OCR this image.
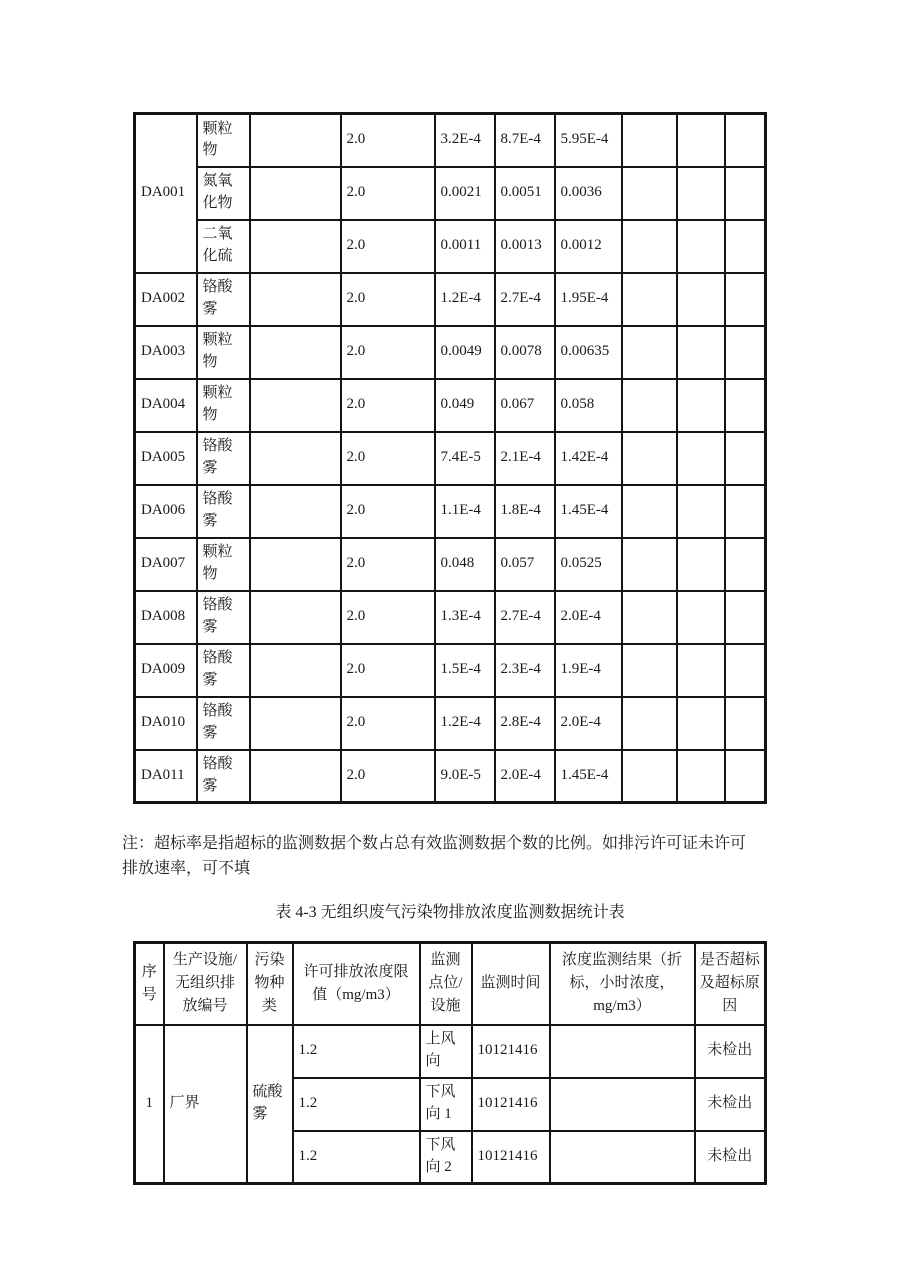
DA001	颗粒物		2.0	3.2E-4	8.7E-4	5.95E-4			
	氮氧化物		2.0	0.0021	0.0051	0.0036			
	二氧化硫		2.0	0.0011	0.0013	0.0012			
DA002	铬酸雾		2.0	1.2E-4	2.7E-4	1.95E-4			
DA003	颗粒物		2.0	0.0049	0.0078	0.00635			
DA004	颗粒物		2.0	0.049	0.067	0.058			
DA005	铬酸雾		2.0	7.4E-5	2.1E-4	1.42E-4			
DA006	铬酸雾		2.0	1.1E-4	1.8E-4	1.45E-4			
DA007	颗粒物		2.0	0.048	0.057	0.0525			
DA008	铬酸雾		2.0	1.3E-4	2.7E-4	2.0E-4			
DA009	铬酸雾		2.0	1.5E-4	2.3E-4	1.9E-4			
DA010	铬酸雾		2.0	1.2E-4	2.8E-4	2.0E-4			
DA011	铬酸雾		2.0	9.0E-5	2.0E-4	1.45E-4			

注：超标率是指超标的监测数据个数占总有效监测数据个数的比例。如排污许可证未许可排放速率，可不填

表 4-3 无组织废气污染物排放浓度监测数据统计表
序号	生产设施/无组织排放编号	污染物种类	许可排放浓度限值（mg/m3）	监测点位/设施	监测时间	浓度监测结果（折标，小时浓度，mg/m3）	是否超标及超标原因
1	厂界	硫酸雾	1.2	上风向	10121416		未检出
			1.2	下风向 1	10121416		未检出
			1.2	下风向 2	10121416		未检出
